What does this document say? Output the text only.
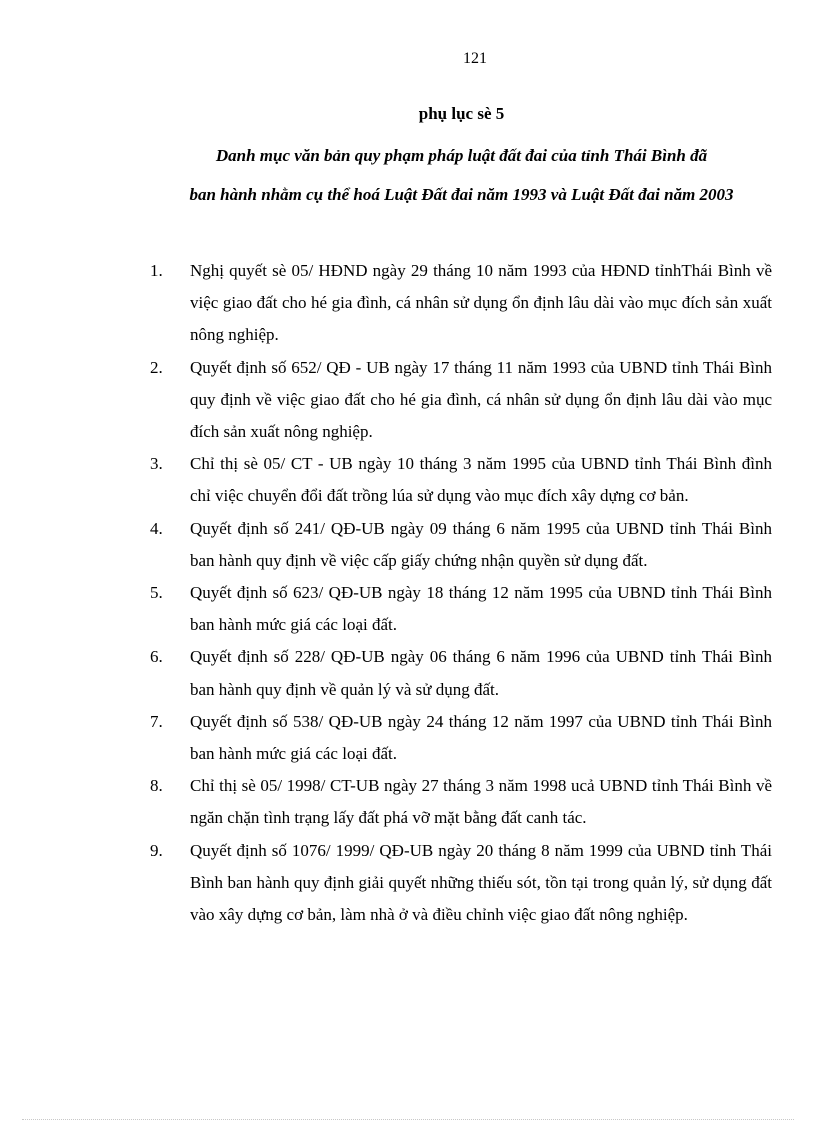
121
phụ lục sè 5
Danh mục văn bản quy phạm pháp luật đất đai của tỉnh Thái Bình đã
ban hành nhằm cụ thể hoá Luật Đất đai năm 1993 và Luật Đất đai năm 2003
1.	Nghị quyết sè 05/ HĐND ngày 29 tháng 10 năm 1993 của HĐND tỉnhThái Bình về việc giao đất cho hé gia đình, cá nhân sử dụng ổn định lâu dài vào mục đích sản xuất nông nghiệp.
2.	Quyết định số 652/ QĐ - UB ngày 17 tháng 11 năm 1993 của UBND tỉnh Thái Bình quy định về việc giao đất cho hé gia đình, cá nhân sử dụng ổn định lâu dài vào mục đích sản xuất nông nghiệp.
3.	Chỉ thị sè 05/ CT - UB ngày 10 tháng 3 năm 1995 của UBND tỉnh Thái Bình đình chỉ việc chuyển đổi đất trồng lúa sử dụng vào mục đích xây dựng cơ bản.
4.	Quyết định số 241/ QĐ-UB ngày 09 tháng 6 năm 1995 của UBND tỉnh Thái Bình ban hành quy định về việc cấp giấy chứng nhận quyền sử dụng đất.
5.	Quyết định số 623/ QĐ-UB ngày 18 tháng 12 năm 1995 của UBND tỉnh Thái Bình ban hành mức giá các loại đất.
6.	Quyết định số 228/ QĐ-UB ngày 06 tháng 6 năm 1996 của UBND tỉnh Thái Bình ban hành quy định về quản lý và sử dụng đất.
7.	Quyết định số 538/ QĐ-UB ngày 24 tháng 12 năm 1997 của UBND tỉnh Thái Bình ban hành mức giá các loại đất.
8.	Chỉ thị sè 05/ 1998/ CT-UB ngày 27 tháng 3 năm 1998 ucả UBND tỉnh Thái Bình về ngăn chặn tình trạng lấy đất phá vỡ mặt bằng đất canh tác.
9.	Quyết định số 1076/ 1999/ QĐ-UB ngày 20 tháng 8 năm 1999 của UBND tỉnh Thái Bình ban hành quy định giải quyết những thiếu sót, tồn tại trong quản lý, sử dụng đất vào xây dựng cơ bản, làm nhà ở và điều chỉnh việc giao đất nông nghiệp.
